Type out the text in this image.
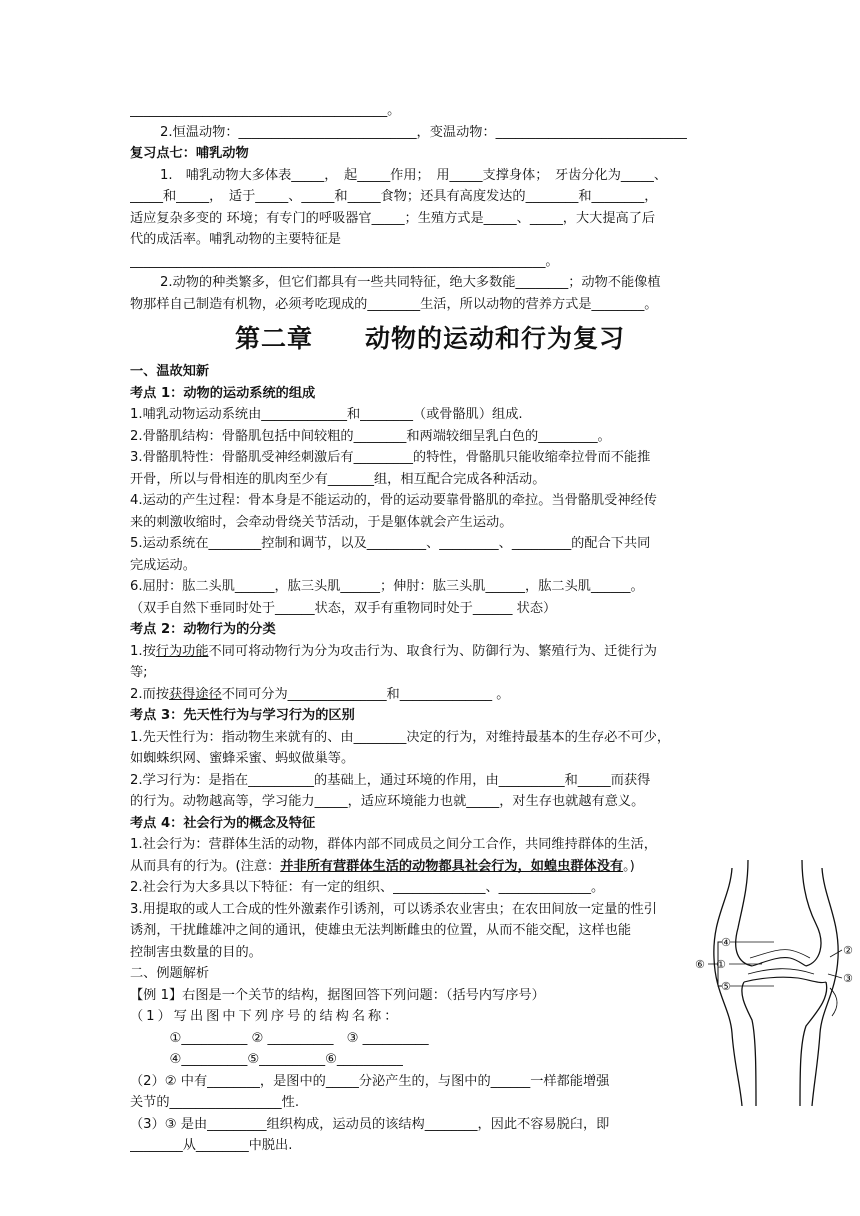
_______________________________________。
2.恒温动物：___________________________，变温动物：_____________________________
复习点七：哺乳动物
1.　哺乳动物大多体表_____，　起_____作用；　用_____支撑身体；　牙齿分化为_____、
_____和_____，　适于_____、_____和_____食物；还具有高度发达的________和________，
适应复杂多变的 环境；有专门的呼吸器官_____；生殖方式是_____、_____，大大提高了后
代的成活率。哺乳动物的主要特征是
_______________________________________________________________。
2.动物的种类繁多，但它们都具有一些共同特征，绝大多数能________；动物不能像植
物那样自己制造有机物，必须考吃现成的________生活，所以动物的营养方式是________。
第二章　　动物的运动和行为复习
一、温故知新
考点 1：动物的运动系统的组成
1.哺乳动物运动系统由_____________和________（或骨骼肌）组成.
2.骨骼肌结构：骨骼肌包括中间较粗的________和两端较细呈乳白色的_________。
3.骨骼肌特性：骨骼肌受神经刺激后有_________的特性，骨骼肌只能收缩牵拉骨而不能推
开骨，所以与骨相连的肌肉至少有_______组，相互配合完成各种活动。
4.运动的产生过程：骨本身是不能运动的，骨的运动要靠骨骼肌的牵拉。当骨骼肌受神经传
来的刺激收缩时，会牵动骨绕关节活动，于是躯体就会产生运动。
5.运动系统在________控制和调节，以及_________、_________、_________的配合下共同
完成运动。
6.屈肘：肱二头肌______，肱三头肌______；伸肘：肱三头肌______，肱二头肌______。
（双手自然下垂同时处于______状态，双手有重物同时处于______ 状态）
考点 2：动物行为的分类
1.按行为功能不同可将动物行为分为攻击行为、取食行为、防御行为、繁殖行为、迁徙行为
等;
2.而按获得途径不同可分为_______________和______________ 。
考点 3：先天性行为与学习行为的区别
1.先天性行为：指动物生来就有的、由________决定的行为，对维持最基本的生存必不可少，
如蜘蛛织网、蜜蜂采蜜、蚂蚁做巢等。
2.学习行为：是指在__________的基础上，通过环境的作用，由__________和_____而获得
的行为。动物越高等，学习能力_____，适应环境能力也就_____，对生存也就越有意义。
考点 4：社会行为的概念及特征
1.社会行为：营群体生活的动物，群体内部不同成员之间分工合作，共同维持群体的生活，
从而具有的行为。(注意：并非所有营群体生活的动物都具社会行为，如蝗虫群体没有。)
2.社会行为大多具以下特征：有一定的组织、______________、______________。
3.用提取的或人工合成的性外激素作引诱剂，可以诱杀农业害虫；在农田间放一定量的性引
诱剂，干扰雌雄冲之间的通讯，使雄虫无法判断雌虫的位置，从而不能交配，这样也能
控制害虫数量的目的。
二、例题解析
【例 1】右图是一个关节的结构，据图回答下列问题：（括号内写序号）
（1）写出图中下列序号的结构名称：
　　　①__________ ② __________　③ __________
　　　④__________⑤__________⑥__________
（2）② 中有________，是图中的_____分泌产生的，与图中的______一样都能增强
关节的_________________性.
（3）③ 是由_________组织构成，运动员的该结构________，因此不容易脱臼，即
________从________中脱出.
①
②
③
④
⑤
⑥
